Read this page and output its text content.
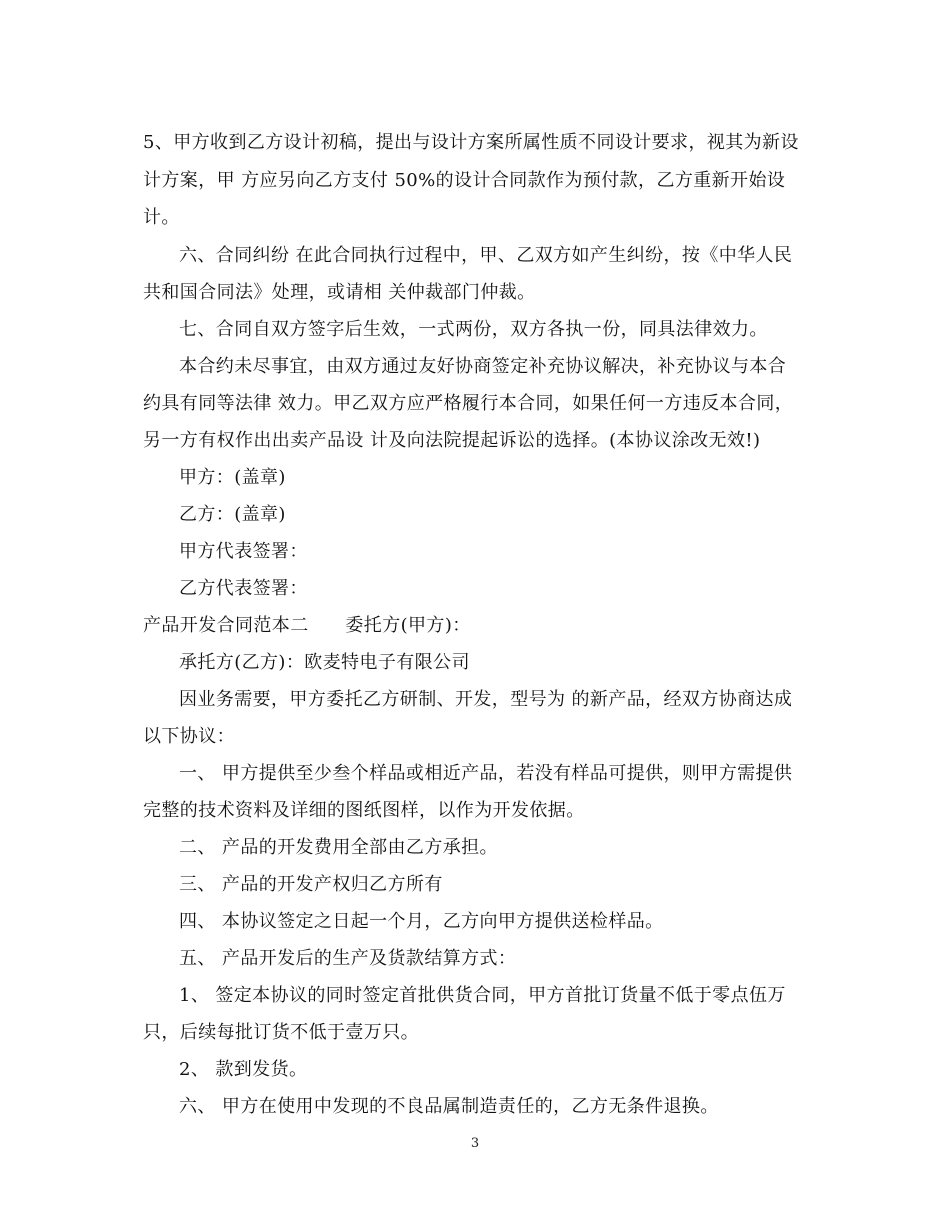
5、甲方收到乙方设计初稿，提出与设计方案所属性质不同设计要求，视其为新设
计方案，甲 方应另向乙方支付 50%的设计合同款作为预付款，乙方重新开始设
计。
六、合同纠纷 在此合同执行过程中，甲、乙双方如产生纠纷，按《中华人民
共和国合同法》处理，或请相 关仲裁部门仲裁。
七、合同自双方签字后生效，一式两份，双方各执一份，同具法律效力。
本合约未尽事宜，由双方通过友好协商签定补充协议解决，补充协议与本合
约具有同等法律 效力。甲乙双方应严格履行本合同，如果任何一方违反本合同，
另一方有权作出出卖产品设 计及向法院提起诉讼的选择。(本协议涂改无效!)
甲方：(盖章)
乙方：(盖章)
甲方代表签署：
乙方代表签署：
产品开发合同范本二　　委托方(甲方)：
承托方(乙方)：欧麦特电子有限公司
因业务需要，甲方委托乙方研制、开发，型号为 的新产品，经双方协商达成
以下协议：
一、 甲方提供至少叁个样品或相近产品，若没有样品可提供，则甲方需提供
完整的技术资料及详细的图纸图样，以作为开发依据。
二、 产品的开发费用全部由乙方承担。
三、 产品的开发产权归乙方所有
四、 本协议签定之日起一个月，乙方向甲方提供送检样品。
五、 产品开发后的生产及货款结算方式：
1、 签定本协议的同时签定首批供货合同，甲方首批订货量不低于零点伍万
只，后续每批订货不低于壹万只。
2、 款到发货。
六、 甲方在使用中发现的不良品属制造责任的，乙方无条件退换。
3
